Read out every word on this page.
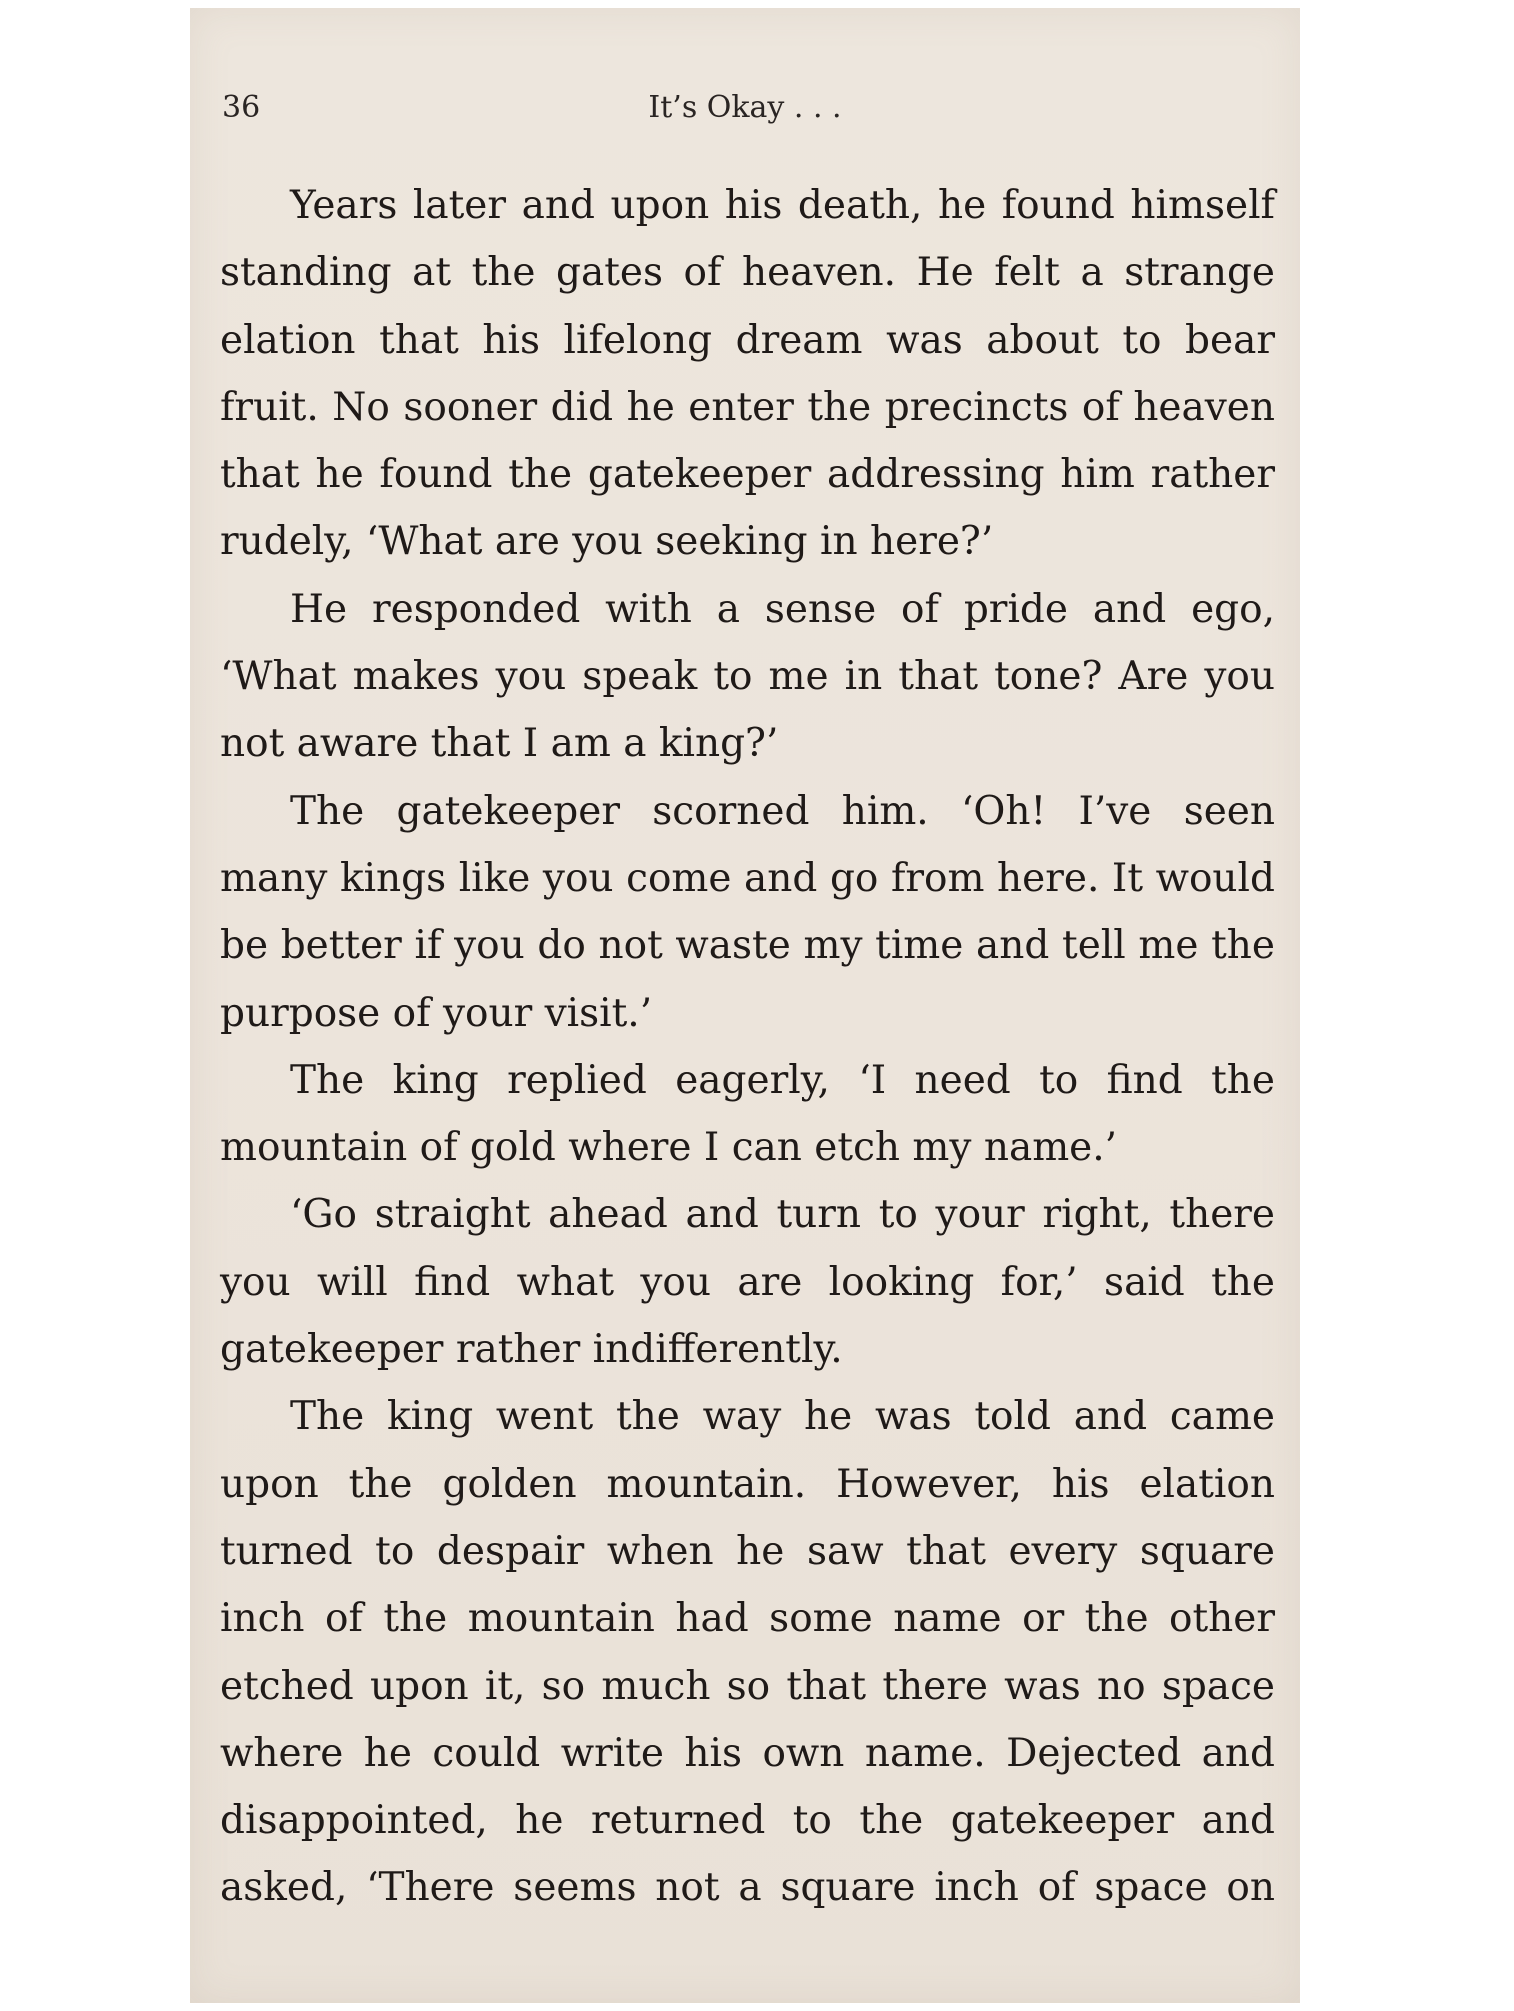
36	It’s Okay . . .

Years later and upon his death, he found himself standing at the gates of heaven. He felt a strange elation that his lifelong dream was about to bear fruit. No sooner did he enter the precincts of heaven that he found the gatekeeper addressing him rather rudely, ‘What are you seeking in here?’

He responded with a sense of pride and ego, ‘What makes you speak to me in that tone? Are you not aware that I am a king?’

The gatekeeper scorned him. ‘Oh! I’ve seen many kings like you come and go from here. It would be better if you do not waste my time and tell me the purpose of your visit.’

The king replied eagerly, ‘I need to find the mountain of gold where I can etch my name.’

‘Go straight ahead and turn to your right, there you will find what you are looking for,’ said the gatekeeper rather indifferently.

The king went the way he was told and came upon the golden mountain. However, his elation turned to despair when he saw that every square inch of the mountain had some name or the other etched upon it, so much so that there was no space where he could write his own name. Dejected and disappointed, he returned to the gatekeeper and asked, ‘There seems not a square inch of space on
